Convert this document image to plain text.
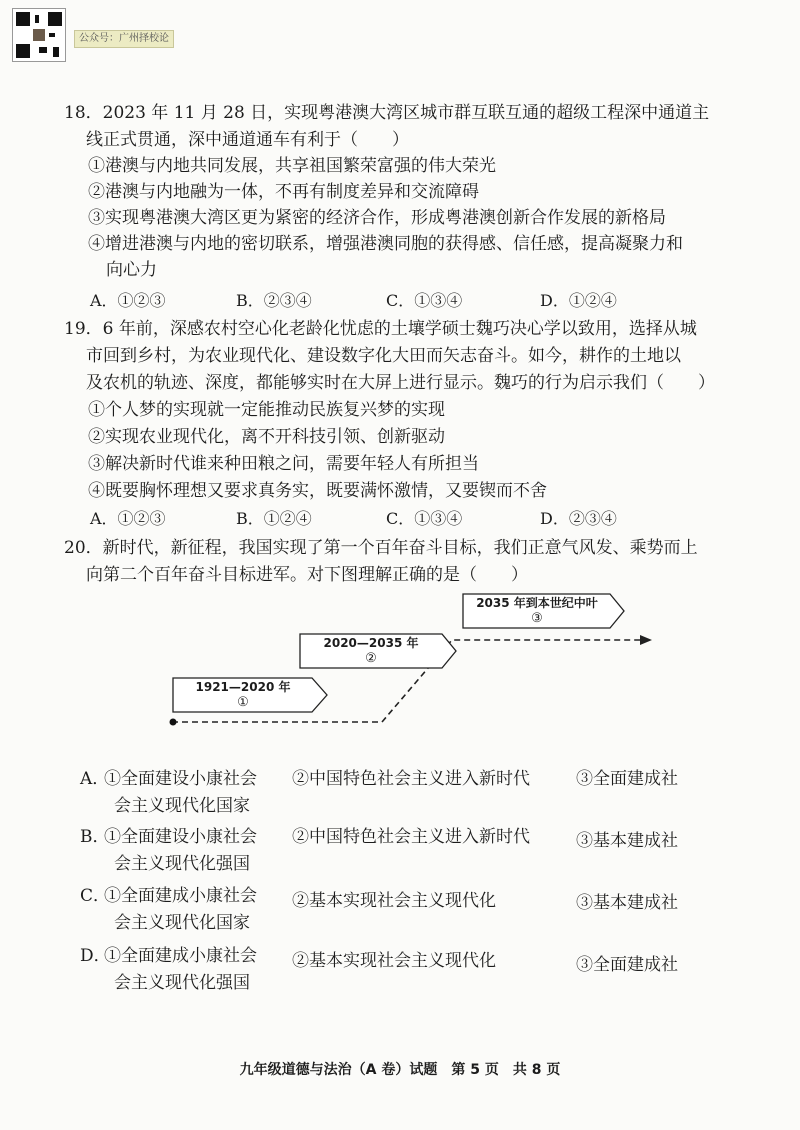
公众号：广州择校论
18．2023 年 11 月 28 日，实现粤港澳大湾区城市群互联互通的超级工程深中通道主
线正式贯通，深中通道通车有利于（　　）
①港澳与内地共同发展，共享祖国繁荣富强的伟大荣光
②港澳与内地融为一体，不再有制度差异和交流障碍
③实现粤港澳大湾区更为紧密的经济合作，形成粤港澳创新合作发展的新格局
④增进港澳与内地的密切联系，增强港澳同胞的获得感、信任感，提高凝聚力和
向心力
A．①②③	B．②③④	C．①③④	D．①②④
19．6 年前，深感农村空心化老龄化忧虑的土壤学硕士魏巧决心学以致用，选择从城
市回到乡村，为农业现代化、建设数字化大田而矢志奋斗。如今，耕作的土地以
及农机的轨迹、深度，都能够实时在大屏上进行显示。魏巧的行为启示我们（　　）
①个人梦的实现就一定能推动民族复兴梦的实现
②实现农业现代化，离不开科技引领、创新驱动
③解决新时代谁来种田粮之问，需要年轻人有所担当
④既要胸怀理想又要求真务实，既要满怀激情，又要锲而不舍
A．①②③	B．①②④	C．①③④	D．②③④
20．新时代，新征程，我国实现了第一个百年奋斗目标，我们正意气风发、乘势而上
向第二个百年奋斗目标进军。对下图理解正确的是（　　）
1921—2020 年
①
2020—2035 年
②
2035 年到本世纪中叶
③
A．
①全面建设小康社会 ②中国特色社会主义进入新时代	③全面建成社
会主义现代化国家
B．
①全面建设小康社会 ②中国特色社会主义进入新时代	③基本建成社
会主义现代化强国
C．
①全面建成小康社会 ②基本实现社会主义现代化	③基本建成社
会主义现代化国家
D．
①全面建成小康社会 ②基本实现社会主义现代化	③全面建成社
会主义现代化强国
九年级道德与法治（A 卷）试题　第 5 页　共 8 页
